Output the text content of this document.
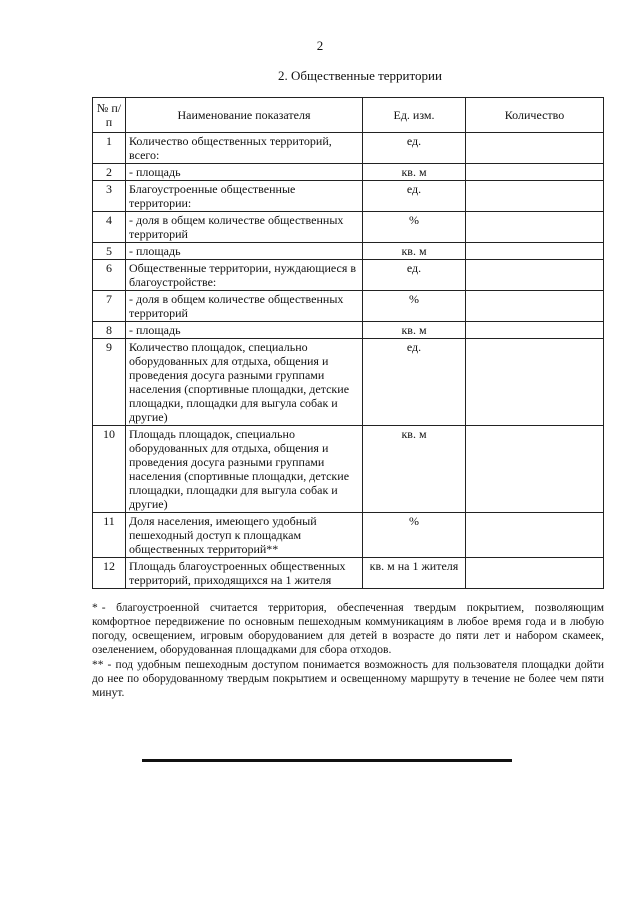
2
2. Общественные территории
№ п/п	Наименование показателя	Ед. изм.	Количество
1	Количество общественных территорий, всего:	ед.	
2	- площадь	кв. м	
3	Благоустроенные общественные территории:	ед.	
4	- доля в общем количестве общественных территорий	%	
5	- площадь	кв. м	
6	Общественные территории, нуждающиеся в благоустройстве:	ед.	
7	- доля в общем количестве общественных территорий	%	
8	- площадь	кв. м	
9	Количество площадок, специально оборудованных для отдыха, общения и проведения досуга разными группами населения (спортивные площадки, детские площадки, площадки для выгула собак и другие)	ед.	
10	Площадь площадок, специально оборудованных для отдыха, общения и проведения досуга разными группами населения (спортивные площадки, детские площадки, площадки для выгула собак и другие)	кв. м	
11	Доля населения, имеющего удобный пешеходный доступ к площадкам общественных территорий**	%	
12	Площадь благоустроенных общественных территорий, приходящихся на 1 жителя	кв. м на 1 жителя	

* - благоустроенной считается территория, обеспеченная твердым покрытием, позволяющим комфортное передвижение по основным пешеходным коммуникациям в любое время года и в любую погоду, освещением, игровым оборудованием для детей в возрасте до пяти лет и набором скамеек, озеленением, оборудованная площадками для сбора отходов.

** - под удобным пешеходным доступом понимается возможность для пользователя площадки дойти до нее по оборудованному твердым покрытием и освещенному маршруту в течение не более чем пяти минут.
